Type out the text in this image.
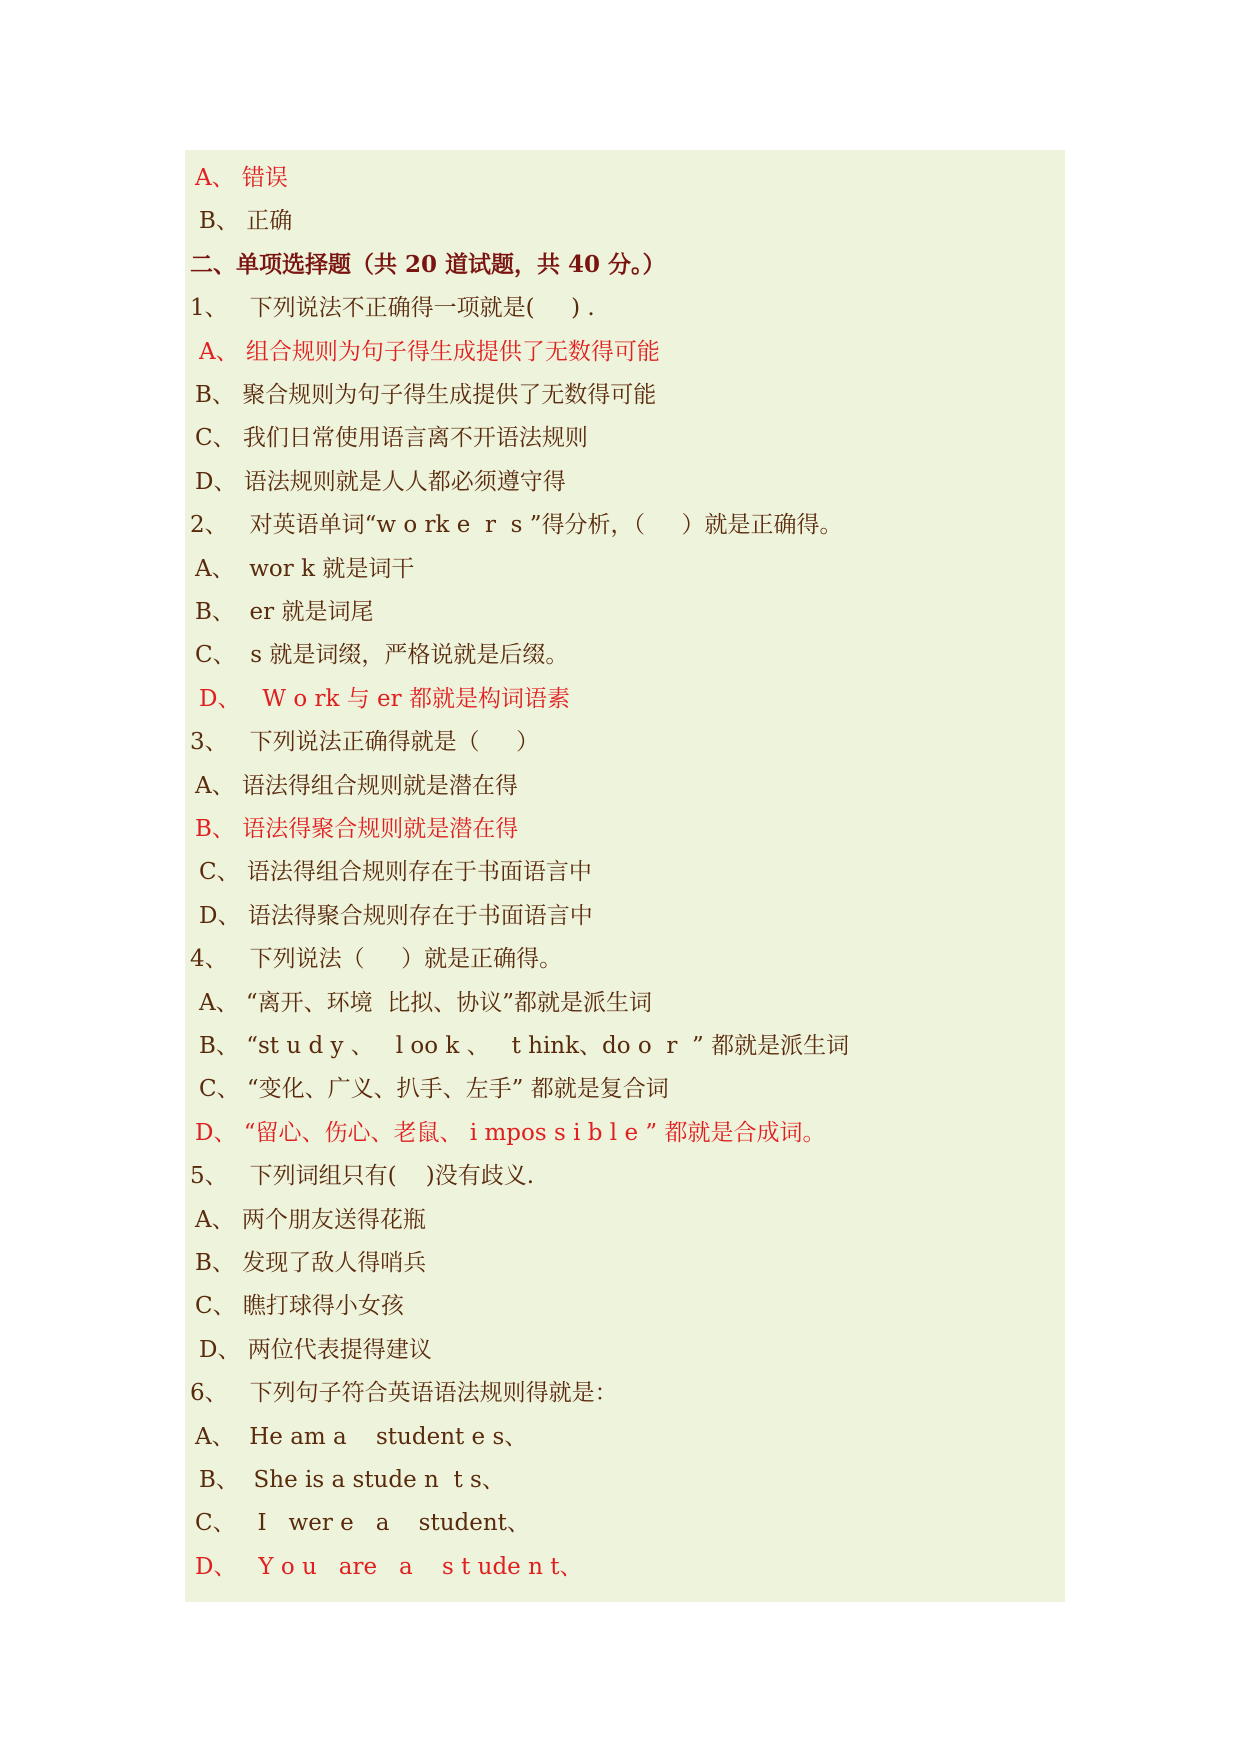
A、 错误
B、 正确
二、单项选择题（共 20 道试题，共 40 分。）
1、   下列说法不正确得一项就是(     ) .
A、 组合规则为句子得生成提供了无数得可能
B、 聚合规则为句子得生成提供了无数得可能
C、 我们日常使用语言离不开语法规则
D、 语法规则就是人人都必须遵守得
2、   对英语单词“w o rk e  r  s ”得分析，（     ）就是正确得。
A、  wor k 就是词干
B、  er 就是词尾
C、  s 就是词缀，严格说就是后缀。
D、   W o rk 与 er 都就是构词语素
3、   下列说法正确得就是（     ）
A、 语法得组合规则就是潜在得
B、 语法得聚合规则就是潜在得
C、 语法得组合规则存在于书面语言中
D、 语法得聚合规则存在于书面语言中
4、   下列说法（     ）就是正确得。
A、 “离开、环境  比拟、协议”都就是派生词
B、 “st u d y 、   l oo k 、   t hink、do o  r  ” 都就是派生词
C、 “变化、广义、扒手、左手” 都就是复合词
D、 “留心、伤心、老鼠、 i mpos s i b l e ” 都就是合成词。
5、   下列词组只有(    )没有歧义.
A、 两个朋友送得花瓶
B、 发现了敌人得哨兵
C、 瞧打球得小女孩
D、 两位代表提得建议
6、   下列句子符合英语语法规则得就是：
A、  He am a    student e s、
B、  She is a stude n  t s、
C、   I   wer e   a    student、
D、   Y o u   are   a    s t ude n t、
